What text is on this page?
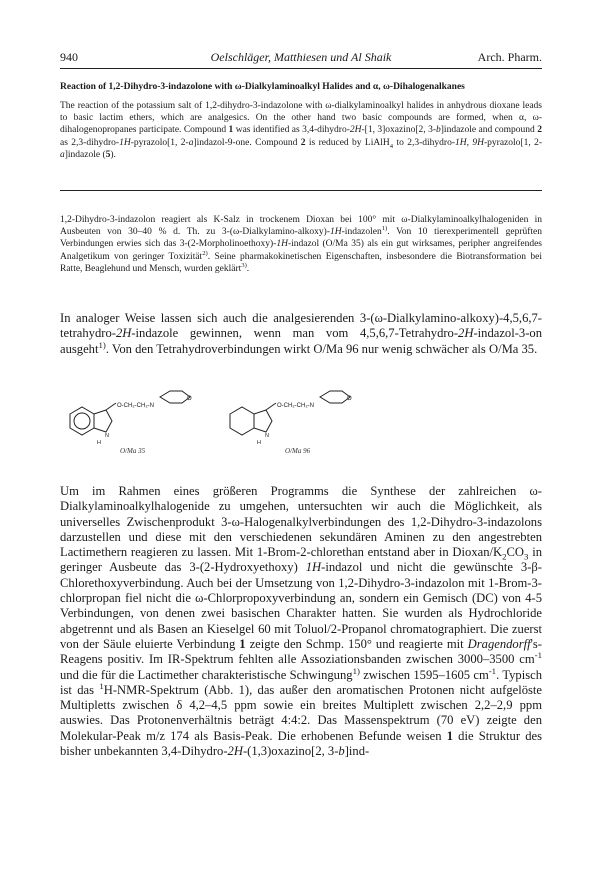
940	Oelschläger, Matthiesen und Al Shaik	Arch. Pharm.
Reaction of 1,2-Dihydro-3-indazolone with ω-Dialkylaminoalkyl Halides and α, ω-Dihalogenalkanes
The reaction of the potassium salt of 1,2-dihydro-3-indazolone with ω-dialkylaminoalkyl halides in anhydrous dioxane leads to basic lactim ethers, which are analgesics. On the other hand two basic compounds are formed, when α, ω-dihalogenopropanes participate. Compound 1 was identified as 3,4-dihydro-2H-[1, 3]oxazino[2, 3-b]indazole and compound 2 as 2,3-dihydro-1H-pyrazolo[1, 2-a]indazol-9-one. Compound 2 is reduced by LiAlH$_4$ to 2,3-dihydro-1H, 9H-pyrazolo[1, 2-a]indazole (5).
1,2-Dihydro-3-indazolon reagiert als K-Salz in trockenem Dioxan bei 100° mit ω-Dialkylaminoalkylhalogeniden in Ausbeuten von 30–40 % d. Th. zu 3-(ω-Dialkylamino-alkoxy)-1H-indazolen$^{1)}$. Von 10 tierexperimentell geprüften Verbindungen erwies sich das 3-(2-Morpholinoethoxy)-1H-indazol (O/Ma 35) als ein gut wirksames, peripher angreifendes Analgetikum von geringer Toxizität$^{2)}$. Seine pharmakokinetischen Eigenschaften, insbesondere die Biotransformation bei Ratte, Beaglehund und Mensch, wurden geklärt$^{3)}$.
In analoger Weise lassen sich auch die analgesierenden 3-(ω-Dialkylamino-alkoxy)-4,5,6,7-tetrahydro-2H-indazole gewinnen, wenn man vom 4,5,6,7-Tetrahydro-2H-indazol-3-on ausgeht$^{1)}$. Von den Tetrahydroverbindungen wirkt O/Ma 96 nur wenig schwächer als O/Ma 35.
O-CH₂-CH₂-N
O
N
H
O-CH₂-CH₂-N
O
N
H
O/Ma 35	O/Ma 96
Um im Rahmen eines größeren Programms die Synthese der zahlreichen ω-Dialkylaminoalkylhalogenide zu umgehen, untersuchten wir auch die Möglichkeit, als universelles Zwischenprodukt 3-ω-Halogenalkylverbindungen des 1,2-Dihydro-3-indazolons darzustellen und diese mit den verschiedenen sekundären Aminen zu den angestrebten Lactimethern reagieren zu lassen. Mit 1-Brom-2-chlorethan entstand aber in Dioxan/$K_2CO_3$ in geringer Ausbeute das 3-(2-Hydroxyethoxy) 1H-indazol und nicht die gewünschte 3-β-Chlorethoxyverbindung. Auch bei der Umsetzung von 1,2-Dihydro-3-indazolon mit 1-Brom-3-chlorpropan fiel nicht die ω-Chlorpropoxyverbindung an, sondern ein Gemisch (DC) von 4-5 Verbindungen, von denen zwei basischen Charakter hatten. Sie wurden als Hydrochloride abgetrennt und als Basen an Kieselgel 60 mit Toluol/2-Propanol chromatographiert. Die zuerst von der Säule eluierte Verbindung 1 zeigte den Schmp. 150° und reagierte mit Dragendorff's-Reagens positiv. Im IR-Spektrum fehlten alle Assoziationsbanden zwischen 3000–3500 $cm^{-1}$ und die für die Lactimether charakteristische Schwingung$^{1)}$ zwischen 1595–1605 $cm^{-1}$. Typisch ist das $^1$H-NMR-Spektrum (Abb. 1), das außer den aromatischen Protonen nicht aufgelöste Multipletts zwischen δ 4,2–4,5 ppm sowie ein breites Multiplett zwischen 2,2–2,9 ppm auswies. Das Protonenverhältnis beträgt 4:4:2. Das Massenspektrum (70 eV) zeigte den Molekular-Peak m/z 174 als Basis-Peak. Die erhobenen Befunde weisen 1 die Struktur des bisher unbekannten 3,4-Dihydro-2H-(1,3)oxazino[2, 3-b]ind-
